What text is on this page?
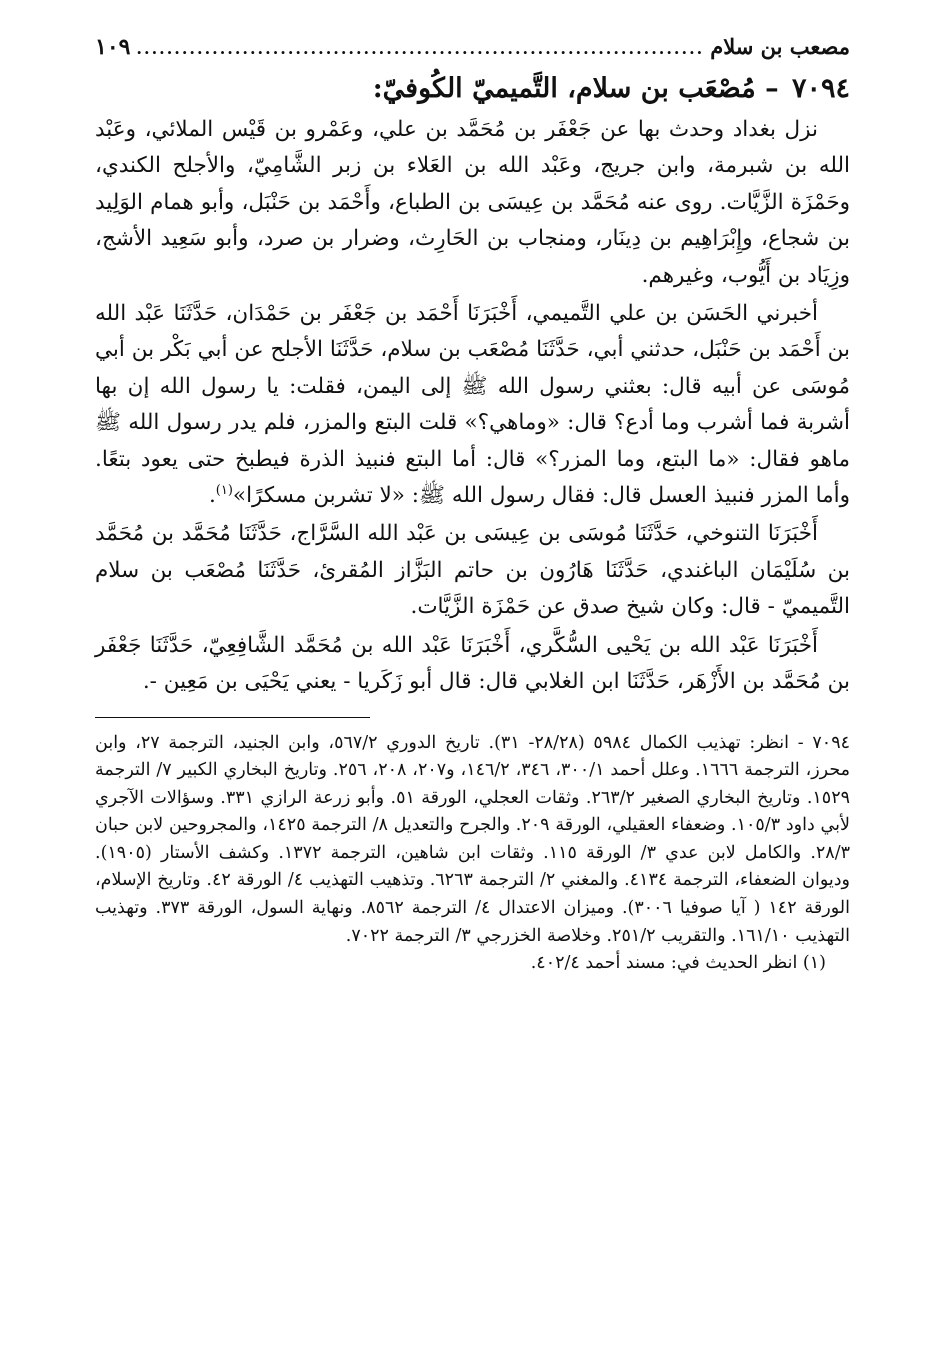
مصعب بن سلام
.....
١٠٩
٧٠٩٤ – مُصْعَب بن سلام، التَّميميّ الكُوفيّ:

نزل بغداد وحدث بها عن جَعْفَر بن مُحَمَّد بن علي، وعَمْرو بن قَيْس الملائي، وعَبْد الله بن شبرمة، وابن جريج، وعَبْد الله بن العَلاء بن زبر الشَّامِيّ، والأجلح الكندي، وحَمْزَة الزَّيَّات. روى عنه مُحَمَّد بن عِيسَى بن الطباع، وأَحْمَد بن حَنْبَل، وأبو همام الوَلِيد بن شجاع، وإِبْرَاهِيم بن دِينَار، ومنجاب بن الحَارِث، وضرار بن صرد، وأبو سَعِيد الأشج، وزِيَاد بن أَيُّوب، وغيرهم.

أخبرني الحَسَن بن علي التَّميمي، أَخْبَرَنَا أَحْمَد بن جَعْفَر بن حَمْدَان، حَدَّثَنَا عَبْد الله بن أَحْمَد بن حَنْبَل، حدثني أبي، حَدَّثَنَا مُصْعَب بن سلام، حَدَّثَنَا الأجلح عن أبي بَكْر بن أبي مُوسَى عن أبيه قال: بعثني رسول الله ﷺ إلى اليمن، فقلت: يا رسول الله إن بها أشربة فما أشرب وما أدع؟ قال: «وماهي؟» قلت البتع والمزر، فلم يدر رسول الله ﷺ ماهو فقال: «ما البتع، وما المزر؟» قال: أما البتع فنبيذ الذرة فيطبخ حتى يعود بتعًا. وأما المزر فنبيذ العسل قال: فقال رسول الله ﷺ: «لا تشربن مسكرًا»$^{(١)}$.

أَخْبَرَنَا التنوخي، حَدَّثَنَا مُوسَى بن عِيسَى بن عَبْد الله السَّرَّاج، حَدَّثَنَا مُحَمَّد بن مُحَمَّد بن سُلَيْمَان الباغندي، حَدَّثَنَا هَارُون بن حاتم البَزَّاز المُقرئ، حَدَّثَنَا مُصْعَب بن سلام التَّميميّ - قال: وكان شيخ صدق عن حَمْزَة الزَّيَّات.

أَخْبَرَنَا عَبْد الله بن يَحْيى السُّكَّري، أَخْبَرَنَا عَبْد الله بن مُحَمَّد الشَّافِعِيّ، حَدَّثَنَا جَعْفَر بن مُحَمَّد بن الأَزْهَر، حَدَّثَنَا ابن الغلابي قال: قال أبو زَكَريا - يعني يَحْيَى بن مَعِين -.

٧٠٩٤ - انظر: تهذيب الكمال ٥٩٨٤ (٢٨/٢٨- ٣١). تاريخ الدوري ٥٦٧/٢، وابن الجنيد، الترجمة ٢٧، وابن محرز، الترجمة ١٦٦٦. وعلل أحمد ٣٠٠/١، ٣٤٦، ١٤٦/٢، و٢٠٧، ٢٠٨، ٢٥٦. وتاريخ البخاري الكبير ٧/ الترجمة ١٥٢٩. وتاريخ البخاري الصغير ٢٦٣/٢. وثقات العجلي، الورقة ٥١. وأبو زرعة الرازي ٣٣١. وسؤالات الآجري لأبي داود ١٠٥/٣. وضعفاء العقيلي، الورقة ٢٠٩. والجرح والتعديل ٨/ الترجمة ١٤٢٥، والمجروحين لابن حبان ٢٨/٣. والكامل لابن عدي ٣/ الورقة ١١٥. وثقات ابن شاهين، الترجمة ١٣٧٢. وكشف الأستار (١٩٠٥). وديوان الضعفاء، الترجمة ٤١٣٤. والمغني ٢/ الترجمة ٦٢٦٣. وتذهيب التهذيب ٤/ الورقة ٤٢. وتاريخ الإسلام، الورقة ١٤٢ ( آيا صوفيا ٣٠٠٦). وميزان الاعتدال ٤/ الترجمة ٨٥٦٢. ونهاية السول، الورقة ٣٧٣. وتهذيب التهذيب ١٦١/١٠. والتقريب ٢٥١/٢. وخلاصة الخزرجي ٣/ الترجمة ٧٠٢٢.

(١) انظر الحديث في: مسند أحمد ٤٠٢/٤.
